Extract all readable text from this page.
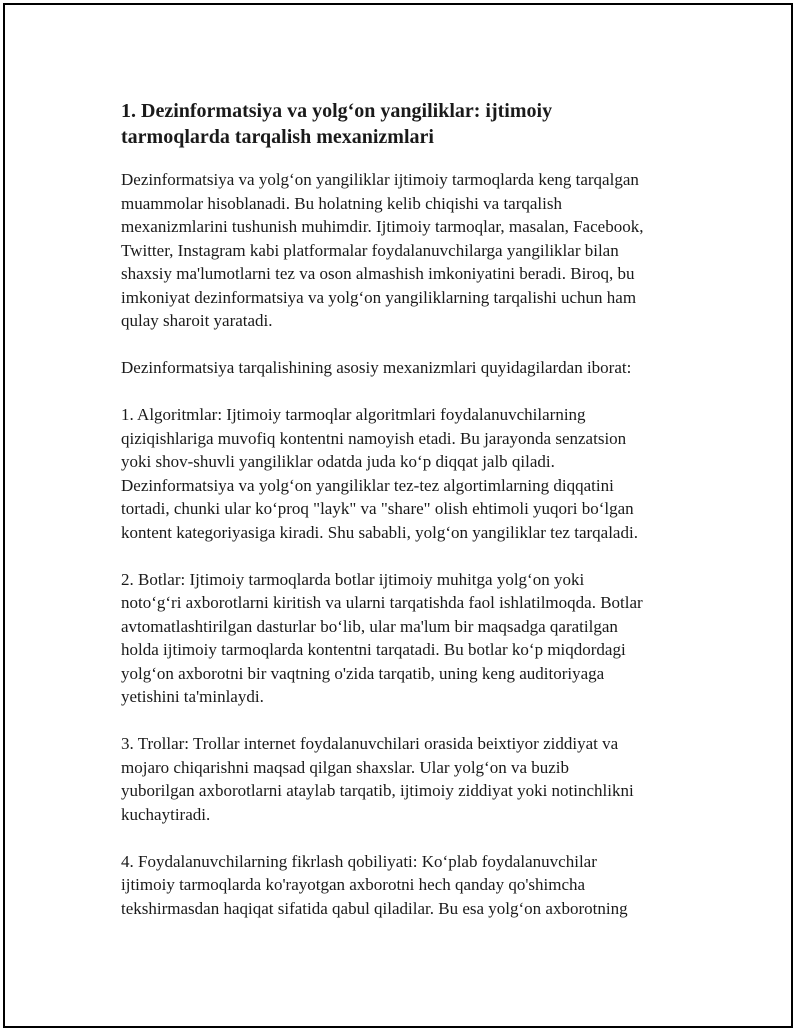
1. Dezinformatsiya va yolg‘on yangiliklar: ijtimoiy
tarmoqlarda tarqalish mexanizmlari

Dezinformatsiya va yolg‘on yangiliklar ijtimoiy tarmoqlarda keng tarqalgan
muammolar hisoblanadi. Bu holatning kelib chiqishi va tarqalish
mexanizmlarini tushunish muhimdir. Ijtimoiy tarmoqlar, masalan, Facebook,
Twitter, Instagram kabi platformalar foydalanuvchilarga yangiliklar bilan
shaxsiy ma'lumotlarni tez va oson almashish imkoniyatini beradi. Biroq, bu
imkoniyat dezinformatsiya va yolg‘on yangiliklarning tarqalishi uchun ham
qulay sharoit yaratadi.

Dezinformatsiya tarqalishining asosiy mexanizmlari quyidagilardan iborat:

1. Algoritmlar: Ijtimoiy tarmoqlar algoritmlari foydalanuvchilarning
qiziqishlariga muvofiq kontentni namoyish etadi. Bu jarayonda senzatsion
yoki shov-shuvli yangiliklar odatda juda ko‘p diqqat jalb qiladi.
Dezinformatsiya va yolg‘on yangiliklar tez-tez algortimlarning diqqatini
tortadi, chunki ular ko‘proq "layk" va "share" olish ehtimoli yuqori bo‘lgan
kontent kategoriyasiga kiradi. Shu sababli, yolg‘on yangiliklar tez tarqaladi.

2. Botlar: Ijtimoiy tarmoqlarda botlar ijtimoiy muhitga yolg‘on yoki
noto‘g‘ri axborotlarni kiritish va ularni tarqatishda faol ishlatilmoqda. Botlar
avtomatlashtirilgan dasturlar bo‘lib, ular ma'lum bir maqsadga qaratilgan
holda ijtimoiy tarmoqlarda kontentni tarqatadi. Bu botlar ko‘p miqdordagi
yolg‘on axborotni bir vaqtning o'zida tarqatib, uning keng auditoriyaga
yetishini ta'minlaydi.

3. Trollar: Trollar internet foydalanuvchilari orasida beixtiyor ziddiyat va
mojaro chiqarishni maqsad qilgan shaxslar. Ular yolg‘on va buzib
yuborilgan axborotlarni ataylab tarqatib, ijtimoiy ziddiyat yoki notinchlikni
kuchaytiradi.

4. Foydalanuvchilarning fikrlash qobiliyati: Ko‘plab foydalanuvchilar
ijtimoiy tarmoqlarda ko'rayotgan axborotni hech qanday qo'shimcha
tekshirmasdan haqiqat sifatida qabul qiladilar. Bu esa yolg‘on axborotning
